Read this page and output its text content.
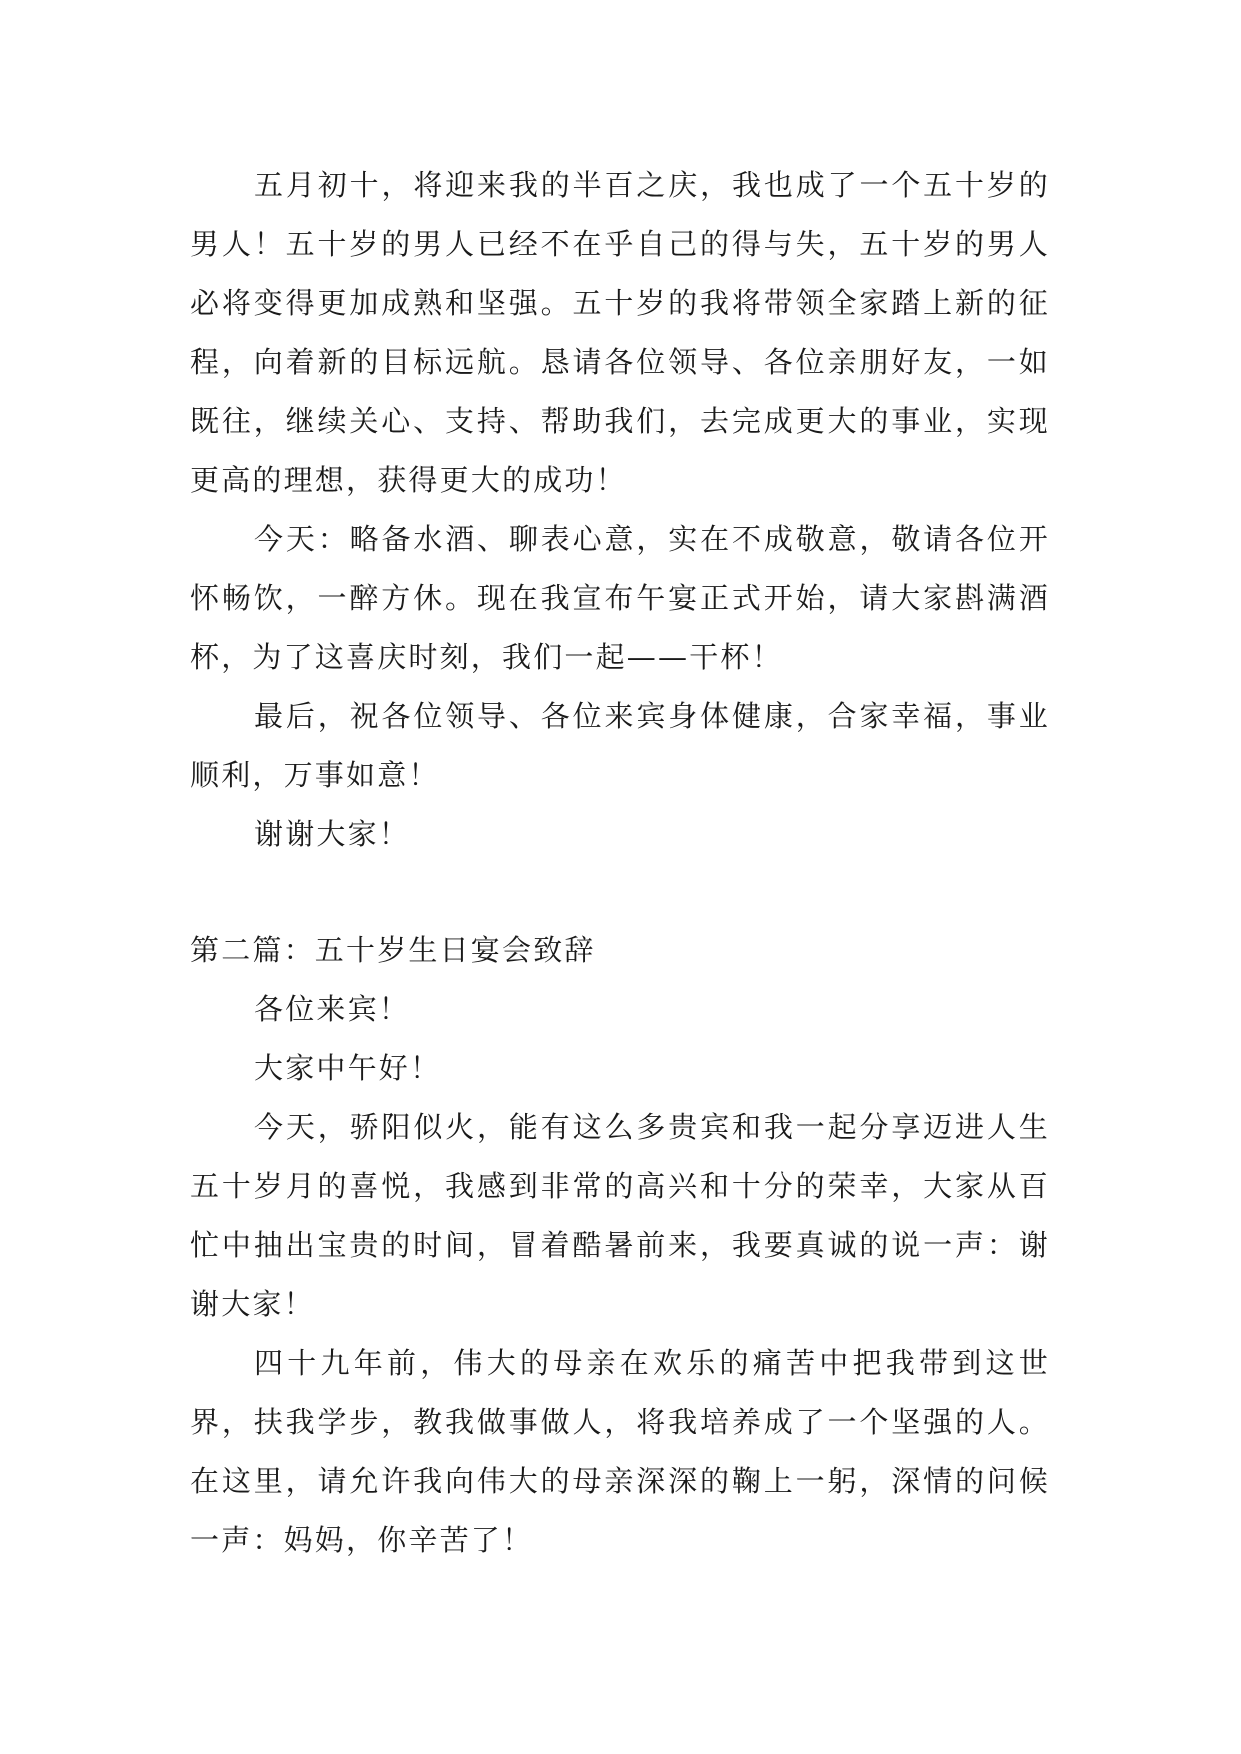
五月初十，将迎来我的半百之庆，我也成了一个五十岁的男人！五十岁的男人已经不在乎自己的得与失，五十岁的男人必将变得更加成熟和坚强。五十岁的我将带领全家踏上新的征程，向着新的目标远航。恳请各位领导、各位亲朋好友，一如既往，继续关心、支持、帮助我们，去完成更大的事业，实现更高的理想，获得更大的成功！

今天：略备水酒、聊表心意，实在不成敬意，敬请各位开怀畅饮，一醉方休。现在我宣布午宴正式开始，请大家斟满酒杯，为了这喜庆时刻，我们一起——干杯！

最后，祝各位领导、各位来宾身体健康，合家幸福，事业顺利，万事如意！

谢谢大家！

第二篇：五十岁生日宴会致辞

各位来宾！

大家中午好！

今天，骄阳似火，能有这么多贵宾和我一起分享迈进人生五十岁月的喜悦，我感到非常的高兴和十分的荣幸，大家从百忙中抽出宝贵的时间，冒着酷暑前来，我要真诚的说一声：谢谢大家！

四十九年前，伟大的母亲在欢乐的痛苦中把我带到这世界，扶我学步，教我做事做人，将我培养成了一个坚强的人。在这里，请允许我向伟大的母亲深深的鞠上一躬，深情的问候一声：妈妈，你辛苦了！
